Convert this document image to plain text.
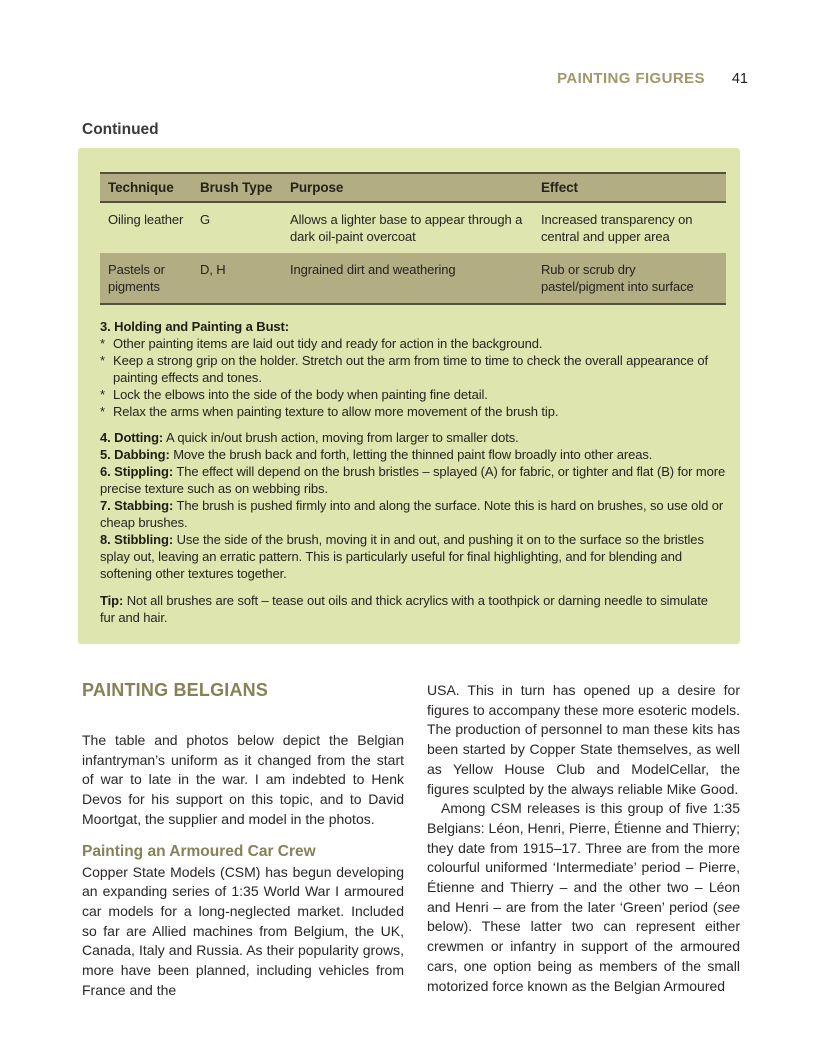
PAINTING FIGURES 41
Continued
Technique	Brush Type	Purpose	Effect
Oiling leather	G	Allows a lighter base to appear through a dark oil-paint overcoat	Increased transparency on central and upper area
Pastels or pigments	D, H	Ingrained dirt and weathering	Rub or scrub dry pastel/pigment into surface

3. Holding and Painting a Bust:

* Other painting items are laid out tidy and ready for action in the background.
* Keep a strong grip on the holder. Stretch out the arm from time to time to check the overall appearance of painting effects and tones.
* Lock the elbows into the side of the body when painting fine detail.
* Relax the arms when painting texture to allow more movement of the brush tip.

4. Dotting: A quick in/out brush action, moving from larger to smaller dots.

5. Dabbing: Move the brush back and forth, letting the thinned paint flow broadly into other areas.

6. Stippling: The effect will depend on the brush bristles – splayed (A) for fabric, or tighter and flat (B) for more precise texture such as on webbing ribs.

7. Stabbing: The brush is pushed firmly into and along the surface. Note this is hard on brushes, so use old or cheap brushes.

8. Stibbling: Use the side of the brush, moving it in and out, and pushing it on to the surface so the bristles splay out, leaving an erratic pattern. This is particularly useful for final highlighting, and for blending and softening other textures together.

Tip: Not all brushes are soft – tease out oils and thick acrylics with a toothpick or darning needle to simulate fur and hair.

PAINTING BELGIANS

The table and photos below depict the Belgian infantryman’s uniform as it changed from the start of war to late in the war. I am indebted to Henk Devos for his support on this topic, and to David Moortgat, the supplier and model in the photos.

Painting an Armoured Car Crew

Copper State Models (CSM) has begun developing an expanding series of 1:35 World War I armoured car models for a long-neglected market. Included so far are Allied machines from Belgium, the UK, Canada, Italy and Russia. As their popularity grows, more have been planned, including vehicles from France and the

USA. This in turn has opened up a desire for figures to accompany these more esoteric models. The production of personnel to man these kits has been started by Copper State themselves, as well as Yellow House Club and ModelCellar, the figures sculpted by the always reliable Mike Good.

Among CSM releases is this group of five 1:35 Belgians: Léon, Henri, Pierre, Étienne and Thierry; they date from 1915–17. Three are from the more colourful uniformed ‘Intermediate’ period – Pierre, Étienne and Thierry – and the other two – Léon and Henri – are from the later ‘Green’ period (see below). These latter two can represent either crewmen or infantry in support of the armoured cars, one option being as members of the small motorized force known as the Belgian Armoured
